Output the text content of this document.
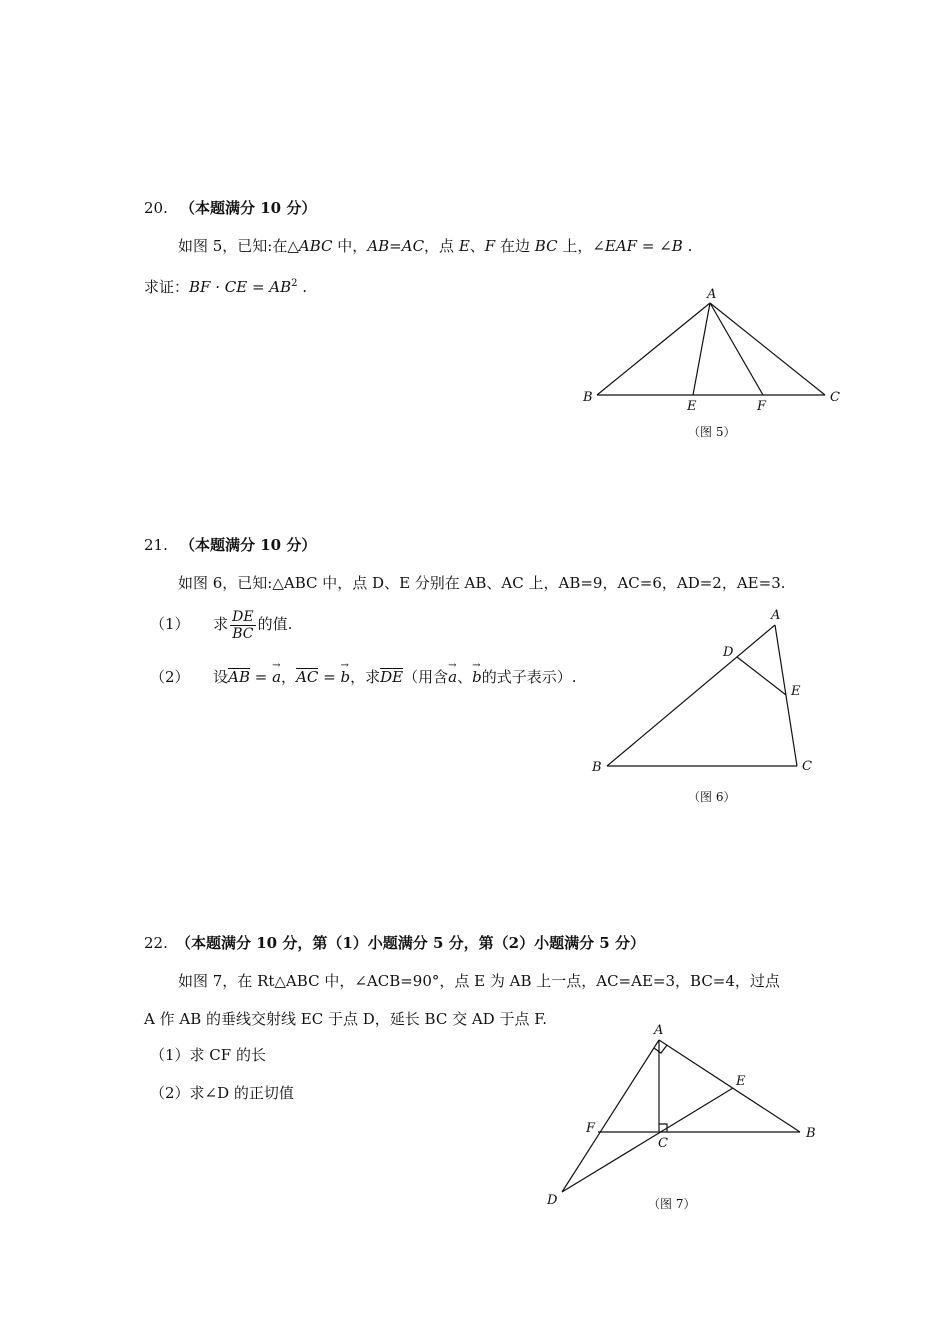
20. （本题满分 10 分）
如图 5，已知:在△ABC 中，AB=AC，点 E、F 在边 BC 上，∠EAF = ∠B .
求证：BF · CE = $AB^2$ .	A
B	C
E	F
（图 5）
21. （本题满分 10 分）
如图 6，已知:△ABC 中，点 D、E 分别在 AB、AC 上，AB=9，AC=6，AD=2，AE=3.
（1） 求 $\frac{DE}{BC}$ 的值.
（2） 设AB = → a，AC = → b，求DE（用含→ a、→ b的式子表示）.
A
B	C
D
E
（图 6）
22. （本题满分 10 分，第（1）小题满分 5 分，第（2）小题满分 5 分）
如图 7，在 Rt△ABC 中，∠ACB=90°，点 E 为 AB 上一点，AC=AE=3，BC=4，过点
A 作 AB 的垂线交射线 EC 于点 D，延长 BC 交 AD 于点 F.
（1）求 CF 的长
（2）求∠D 的正切值
A
B
C
D
E
F
（图 7）
